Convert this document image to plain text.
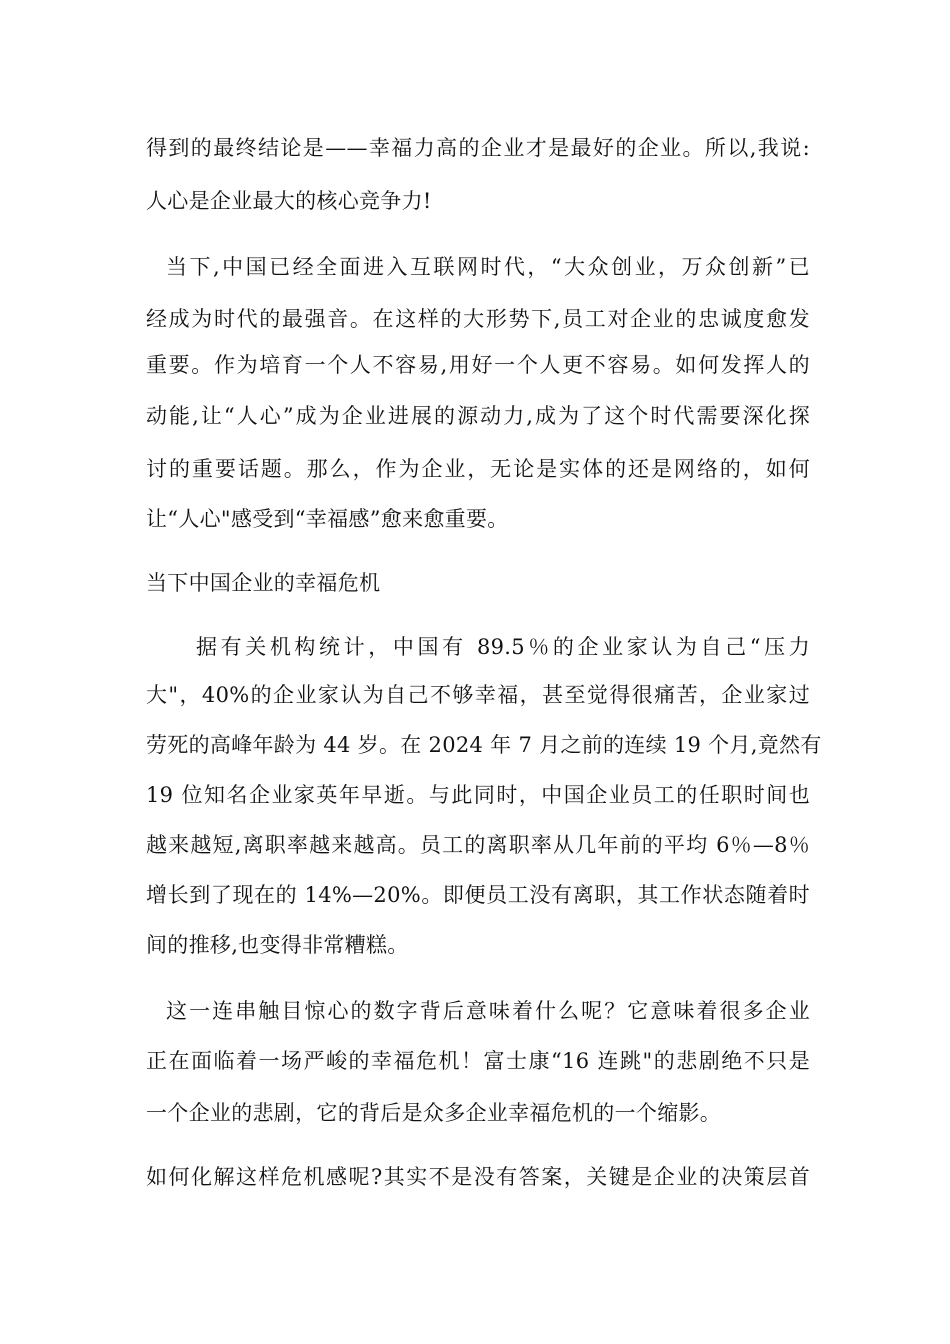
得到的最终结论是——幸福力高的企业才是最好的企业。所以,我说:
人心是企业最大的核心竞争力!
当下,中国已经全面进入互联网时代，“大众创业，万众创新”已
经成为时代的最强音。在这样的大形势下,员工对企业的忠诚度愈发
重要。作为培育一个人不容易,用好一个人更不容易。如何发挥人的
动能,让“人心”成为企业进展的源动力,成为了这个时代需要深化探
讨的重要话题。那么，作为企业，无论是实体的还是网络的，如何
让“人心"感受到“幸福感”愈来愈重要。
当下中国企业的幸福危机
据有关机构统计，中国有 89.5％的企业家认为自己“压力
大"，40%的企业家认为自己不够幸福，甚至觉得很痛苦，企业家过
劳死的高峰年龄为 44 岁。在 2024 年 7 月之前的连续 19 个月,竟然有
19 位知名企业家英年早逝。与此同时，中国企业员工的任职时间也
越来越短,离职率越来越高。员工的离职率从几年前的平均 6％—8％
增长到了现在的 14%—20%。即便员工没有离职，其工作状态随着时
间的推移,也变得非常糟糕。
这一连串触目惊心的数字背后意味着什么呢？它意味着很多企业
正在面临着一场严峻的幸福危机！富士康“16 连跳"的悲剧绝不只是
一个企业的悲剧，它的背后是众多企业幸福危机的一个缩影。
如何化解这样危机感呢?其实不是没有答案，关键是企业的决策层首
